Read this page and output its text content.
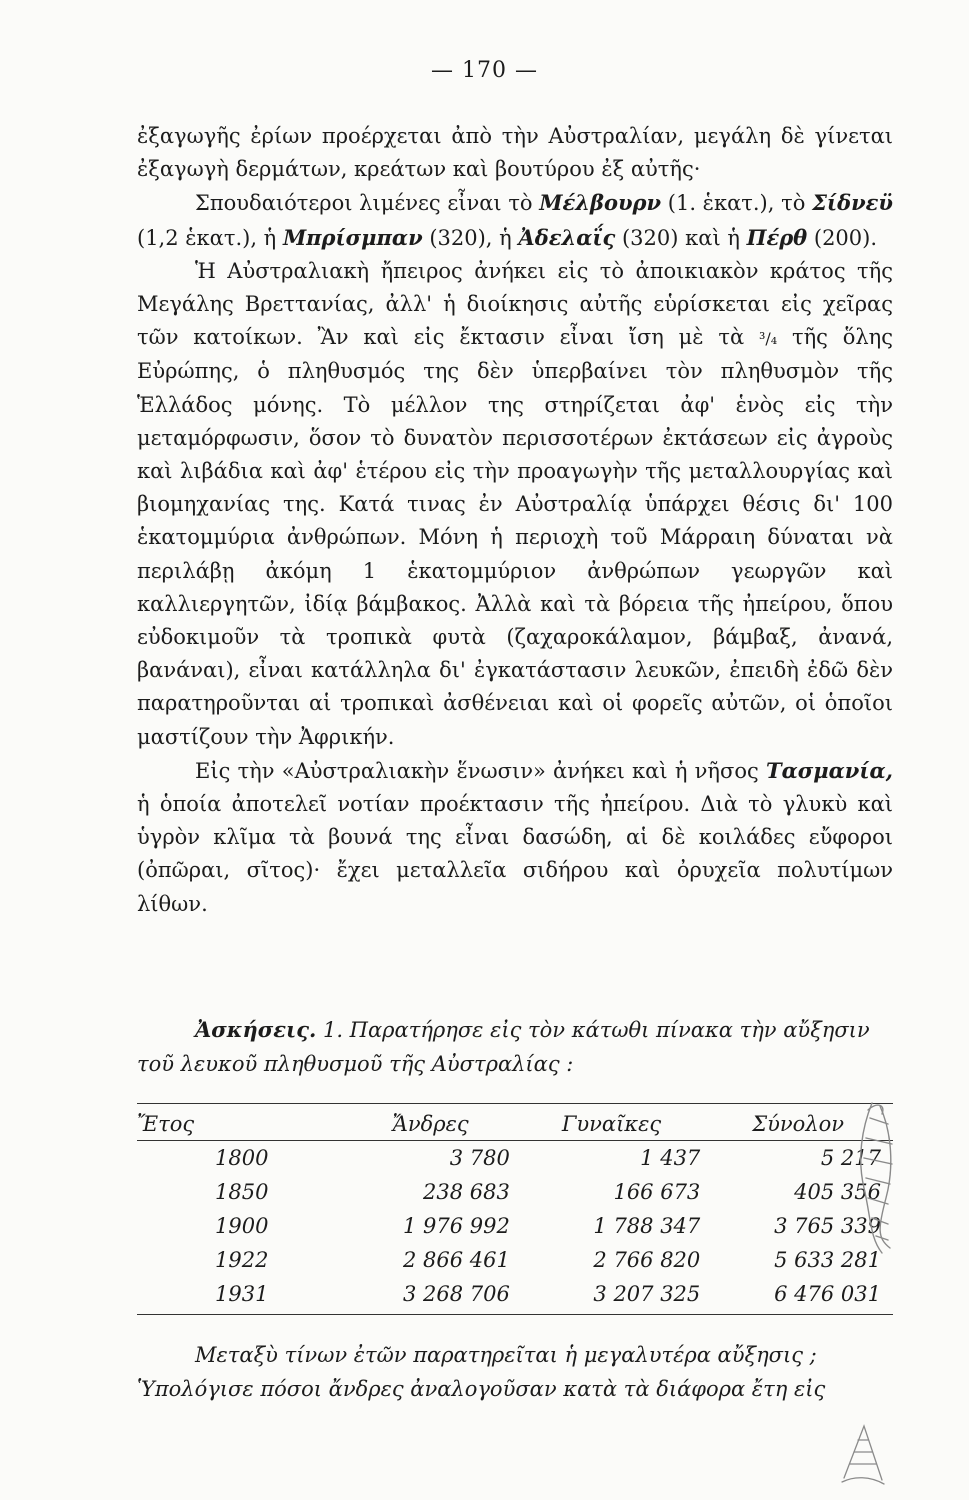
— 170 —

ἐξαγωγῆς ἐρίων προέρχεται ἀπὸ τὴν Αὐστραλίαν, μεγάλη δὲ γίνεται ἐξαγωγὴ δερμάτων, κρεάτων καὶ βουτύρου ἐξ αὐτῆς·

Σπουδαιότεροι λιμένες εἶναι τὸ Μέλβουρν (1. ἑκατ.), τὸ Σίδνεϋ (1,2 ἑκατ.), ἡ Μπρίσμπαν (320), ἡ Ἀδελαΐς (320) καὶ ἡ Πέρθ (200).

Ἡ Αὐστραλιακὴ ἤπειρος ἀνήκει εἰς τὸ ἀποικιακὸν κράτος τῆς Μεγάλης Βρεττανίας, ἀλλ' ἡ διοίκησις αὐτῆς εὑρίσκεται εἰς χεῖρας τῶν κατοίκων. Ἂν καὶ εἰς ἔκτασιν εἶναι ἴση μὲ τὰ ³/₄ τῆς ὅλης Εὐρώπης, ὁ πληθυσμός της δὲν ὑπερβαίνει τὸν πληθυσμὸν τῆς Ἑλλάδος μόνης. Τὸ μέλλον της στηρίζεται ἀφ' ἑνὸς εἰς τὴν μεταμόρφωσιν, ὅσον τὸ δυνατὸν περισσοτέρων ἐκτάσεων εἰς ἀγροὺς καὶ λιβάδια καὶ ἀφ' ἑτέρου εἰς τὴν προαγωγὴν τῆς μεταλλουργίας καὶ βιομηχανίας της. Κατά τινας ἐν Αὐστραλίᾳ ὑπάρχει θέσις δι' 100 ἑκατομμύρια ἀνθρώπων. Μόνη ἡ περιοχὴ τοῦ Μάρραιη δύναται νὰ περιλάβῃ ἀκόμη 1 ἑκατομμύριον ἀνθρώπων γεωργῶν καὶ καλλιεργητῶν, ἰδίᾳ βάμβακος. Ἀλλὰ καὶ τὰ βόρεια τῆς ἠπείρου, ὅπου εὐδοκιμοῦν τὰ τροπικὰ φυτὰ (ζαχαροκάλαμον, βάμβαξ, ἀνανά, βανάναι), εἶναι κατάλληλα δι' ἐγκατάστασιν λευκῶν, ἐπειδὴ ἐδῶ δὲν παρατηροῦνται αἱ τροπικαὶ ἀσθένειαι καὶ οἱ φορεῖς αὐτῶν, οἱ ὁποῖοι μαστίζουν τὴν Ἀφρικήν.

Εἰς τὴν «Αὐστραλιακὴν ἕνωσιν» ἀνήκει καὶ ἡ νῆσος Τασμανία, ἡ ὁποία ἀποτελεῖ νοτίαν προέκτασιν τῆς ἠπείρου. Διὰ τὸ γλυκὺ καὶ ὑγρὸν κλῖμα τὰ βουνά της εἶναι δασώδη, αἱ δὲ κοιλάδες εὔφοροι (ὀπῶραι, σῖτος)· ἔχει μεταλλεῖα σιδήρου καὶ ὀρυχεῖα πολυτίμων λίθων.

Ἀσκήσεις. 1. Παρατήρησε εἰς τὸν κάτωθι πίνακα τὴν αὔξησιν τοῦ λευκοῦ πληθυσμοῦ τῆς Αὐστραλίας :

Ἔτος	Ἄνδρες	Γυναῖκες	Σύνολον
1800	3 780	1 437	5 217
1850	238 683	166 673	405 356
1900	1 976 992	1 788 347	3 765 339
1922	2 866 461	2 766 820	5 633 281
1931	3 268 706	3 207 325	6 476 031

Μεταξὺ τίνων ἐτῶν παρατηρεῖται ἡ μεγαλυτέρα αὔξησις ;

Ὑπολόγισε πόσοι ἄνδρες ἀναλογοῦσαν κατὰ τὰ διάφορα ἔτη εἰς
